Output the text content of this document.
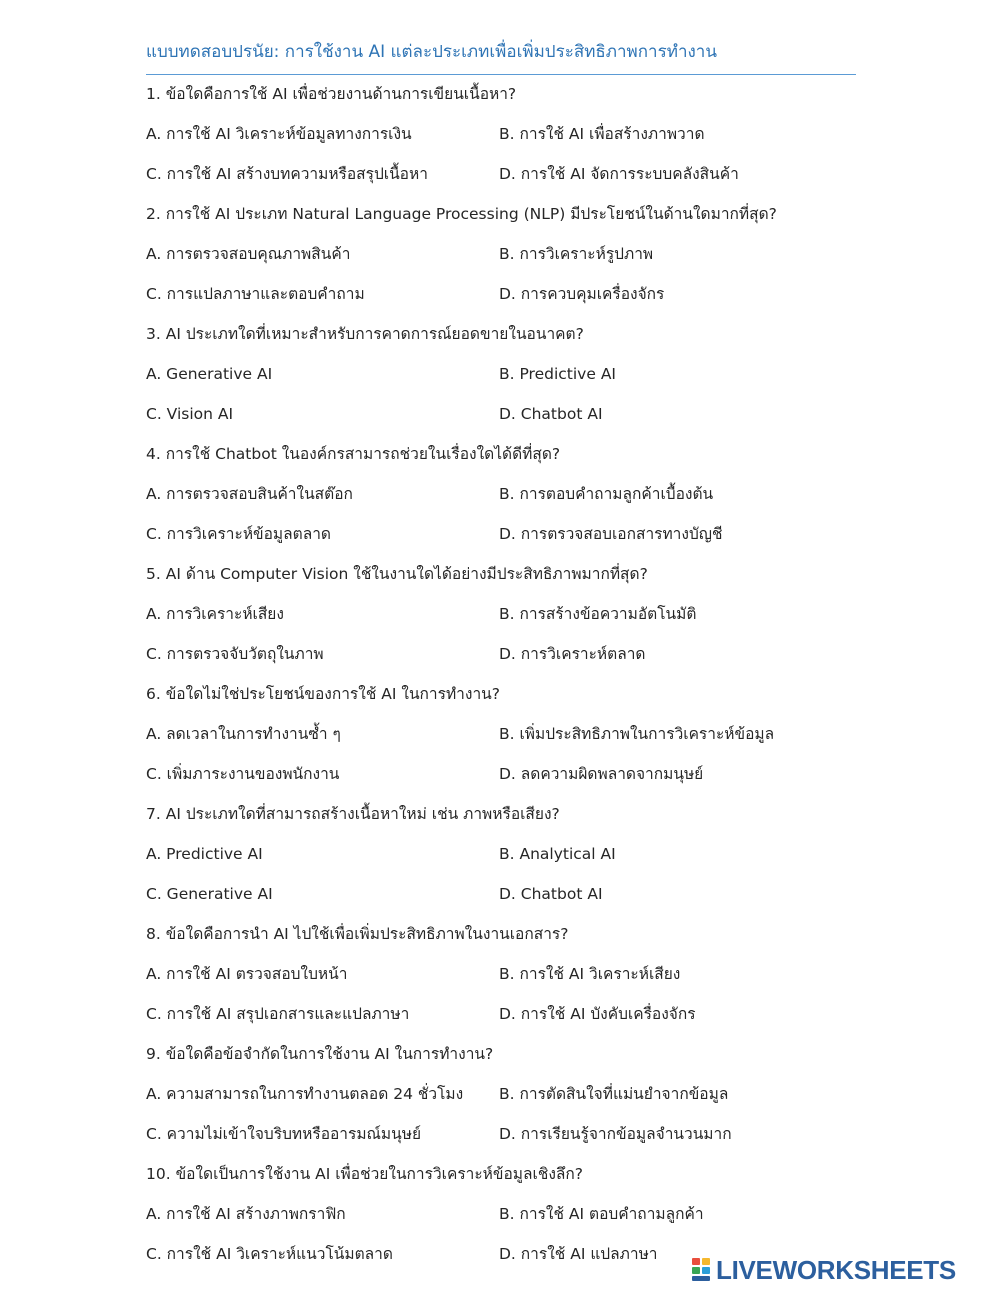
แบบทดสอบปรนัย: การใช้งาน AI แต่ละประเภทเพื่อเพิ่มประสิทธิภาพการทำงาน
1. ข้อใดคือการใช้ AI เพื่อช่วยงานด้านการเขียนเนื้อหา?
A. การใช้ AI วิเคราะห์ข้อมูลทางการเงิน	B. การใช้ AI เพื่อสร้างภาพวาด
C. การใช้ AI สร้างบทความหรือสรุปเนื้อหา	D. การใช้ AI จัดการระบบคลังสินค้า
2. การใช้ AI ประเภท Natural Language Processing (NLP) มีประโยชน์ในด้านใดมากที่สุด?
A. การตรวจสอบคุณภาพสินค้า	B. การวิเคราะห์รูปภาพ
C. การแปลภาษาและตอบคำถาม	D. การควบคุมเครื่องจักร
3. AI ประเภทใดที่เหมาะสำหรับการคาดการณ์ยอดขายในอนาคต?
A. Generative AI	B. Predictive AI
C. Vision AI	D. Chatbot AI
4. การใช้ Chatbot ในองค์กรสามารถช่วยในเรื่องใดได้ดีที่สุด?
A. การตรวจสอบสินค้าในสต๊อก	B. การตอบคำถามลูกค้าเบื้องต้น
C. การวิเคราะห์ข้อมูลตลาด	D. การตรวจสอบเอกสารทางบัญชี
5. AI ด้าน Computer Vision ใช้ในงานใดได้อย่างมีประสิทธิภาพมากที่สุด?
A. การวิเคราะห์เสียง	B. การสร้างข้อความอัตโนมัติ
C. การตรวจจับวัตถุในภาพ	D. การวิเคราะห์ตลาด
6. ข้อใดไม่ใช่ประโยชน์ของการใช้ AI ในการทำงาน?
A. ลดเวลาในการทำงานซ้ำ ๆ	B. เพิ่มประสิทธิภาพในการวิเคราะห์ข้อมูล
C. เพิ่มภาระงานของพนักงาน	D. ลดความผิดพลาดจากมนุษย์
7. AI ประเภทใดที่สามารถสร้างเนื้อหาใหม่ เช่น ภาพหรือเสียง?
A. Predictive AI	B. Analytical AI
C. Generative AI	D. Chatbot AI
8. ข้อใดคือการนำ AI ไปใช้เพื่อเพิ่มประสิทธิภาพในงานเอกสาร?
A. การใช้ AI ตรวจสอบใบหน้า	B. การใช้ AI วิเคราะห์เสียง
C. การใช้ AI สรุปเอกสารและแปลภาษา	D. การใช้ AI บังคับเครื่องจักร
9. ข้อใดคือข้อจำกัดในการใช้งาน AI ในการทำงาน?
A. ความสามารถในการทำงานตลอด 24 ชั่วโมง	B. การตัดสินใจที่แม่นยำจากข้อมูล
C. ความไม่เข้าใจบริบทหรืออารมณ์มนุษย์	D. การเรียนรู้จากข้อมูลจำนวนมาก
10. ข้อใดเป็นการใช้งาน AI เพื่อช่วยในการวิเคราะห์ข้อมูลเชิงลึก?
A. การใช้ AI สร้างภาพกราฟิก	B. การใช้ AI ตอบคำถามลูกค้า
C. การใช้ AI วิเคราะห์แนวโน้มตลาด	D. การใช้ AI แปลภาษา
LIVEWORKSHEETS
